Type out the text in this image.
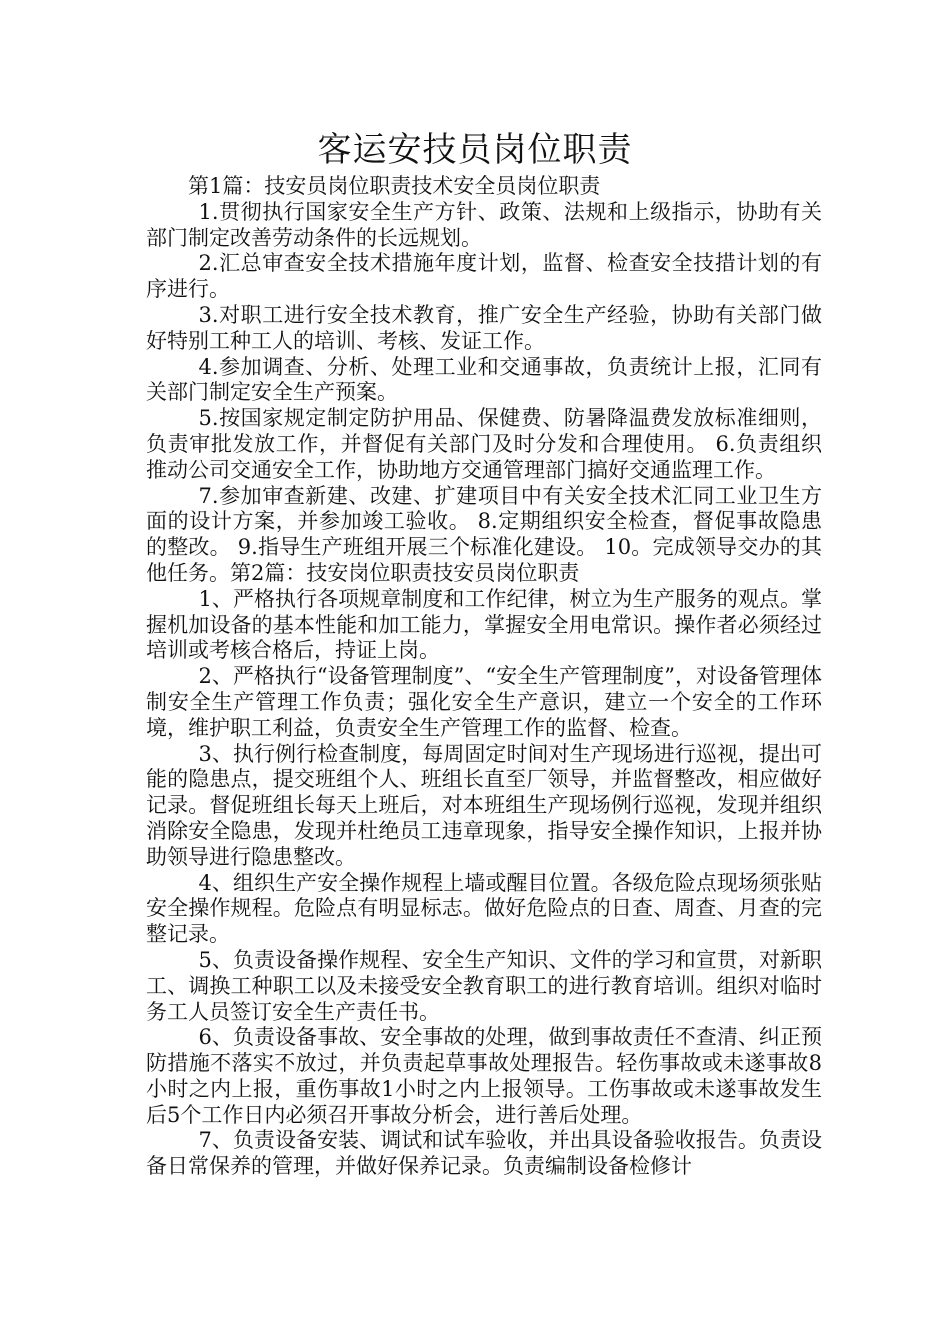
客运安技员岗位职责

第1篇：技安员岗位职责技术安全员岗位职责

1.贯彻执行国家安全生产方针、政策、法规和上级指示，协助有关部门制定改善劳动条件的长远规划。

2.汇总审查安全技术措施年度计划，监督、检查安全技措计划的有序进行。

3.对职工进行安全技术教育，推广安全生产经验，协助有关部门做好特别工种工人的培训、考核、发证工作。

4.参加调查、分析、处理工业和交通事故，负责统计上报，汇同有关部门制定安全生产预案。

5.按国家规定制定防护用品、保健费、防暑降温费发放标准细则，负责审批发放工作，并督促有关部门及时分发和合理使用。 6.负责组织推动公司交通安全工作，协助地方交通管理部门搞好交通监理工作。

7.参加审查新建、改建、扩建项目中有关安全技术汇同工业卫生方面的设计方案，并参加竣工验收。 8.定期组织安全检查，督促事故隐患的整改。 9.指导生产班组开展三个标准化建设。 10。完成领导交办的其他任务。第2篇：技安岗位职责技安员岗位职责

1、严格执行各项规章制度和工作纪律，树立为生产服务的观点。掌握机加设备的基本性能和加工能力，掌握安全用电常识。操作者必须经过培训或考核合格后，持证上岗。

2、严格执行“设备管理制度”、“安全生产管理制度”，对设备管理体制安全生产管理工作负责；强化安全生产意识，建立一个安全的工作环境，维护职工利益，负责安全生产管理工作的监督、检查。

3、执行例行检查制度，每周固定时间对生产现场进行巡视，提出可能的隐患点，提交班组个人、班组长直至厂领导，并监督整改，相应做好记录。督促班组长每天上班后，对本班组生产现场例行巡视，发现并组织消除安全隐患，发现并杜绝员工违章现象，指导安全操作知识，上报并协助领导进行隐患整改。

4、组织生产安全操作规程上墙或醒目位置。各级危险点现场须张贴安全操作规程。危险点有明显标志。做好危险点的日查、周查、月查的完整记录。

5、负责设备操作规程、安全生产知识、文件的学习和宣贯，对新职工、调换工种职工以及未接受安全教育职工的进行教育培训。组织对临时务工人员签订安全生产责任书。

6、负责设备事故、安全事故的处理，做到事故责任不查清、纠正预防措施不落实不放过，并负责起草事故处理报告。轻伤事故或未遂事故8小时之内上报，重伤事故1小时之内上报领导。工伤事故或未遂事故发生后5个工作日内必须召开事故分析会，进行善后处理。

7、负责设备安装、调试和试车验收，并出具设备验收报告。负责设备日常保养的管理，并做好保养记录。负责编制设备检修计
